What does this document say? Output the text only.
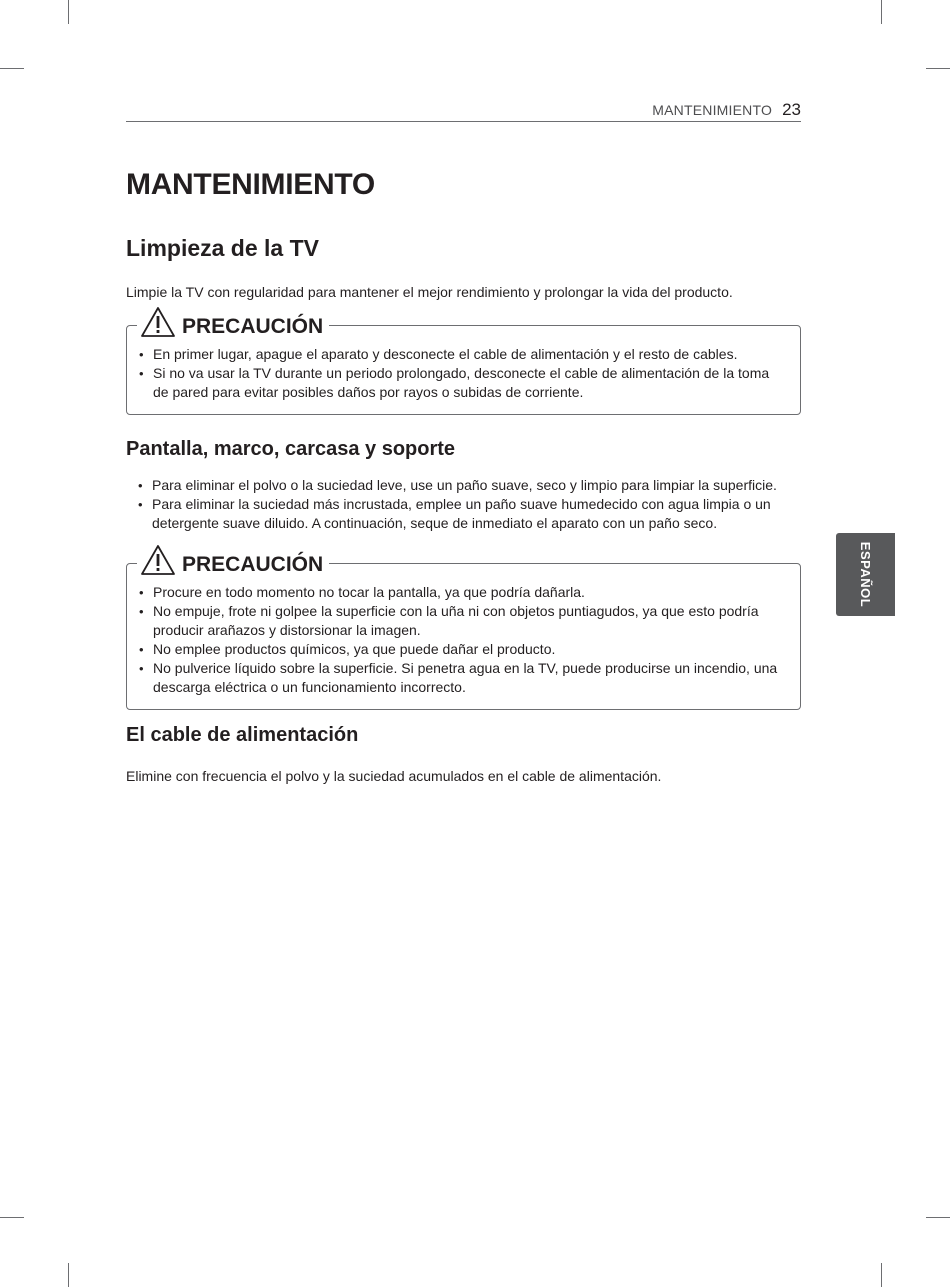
MANTENIMIENTO 23
MANTENIMIENTO
Limpieza de la TV

Limpie la TV con regularidad para mantener el mejor rendimiento y prolongar la vida del producto.

PRECAUCIÓN
• En primer lugar, apague el aparato y desconecte el cable de alimentación y el resto de cables.
• Si no va usar la TV durante un periodo prolongado, desconecte el cable de alimentación de la toma de pared para evitar posibles daños por rayos o subidas de corriente.
Pantalla, marco, carcasa y soporte
• Para eliminar el polvo o la suciedad leve, use un paño suave, seco y limpio para limpiar la superficie.
• Para eliminar la suciedad más incrustada, emplee un paño suave humedecido con agua limpia o un detergente suave diluido. A continuación, seque de inmediato el aparato con un paño seco.
PRECAUCIÓN
• Procure en todo momento no tocar la pantalla, ya que podría dañarla.
• No empuje, frote ni golpee la superficie con la uña ni con objetos puntiagudos, ya que esto podría producir arañazos y distorsionar la imagen.
• No emplee productos químicos, ya que puede dañar el producto.
• No pulverice líquido sobre la superficie. Si penetra agua en la TV, puede producirse un incendio, una descarga eléctrica o un funcionamiento incorrecto.
El cable de alimentación

Elimine con frecuencia el polvo y la suciedad acumulados en el cable de alimentación.

ESPAÑOL
